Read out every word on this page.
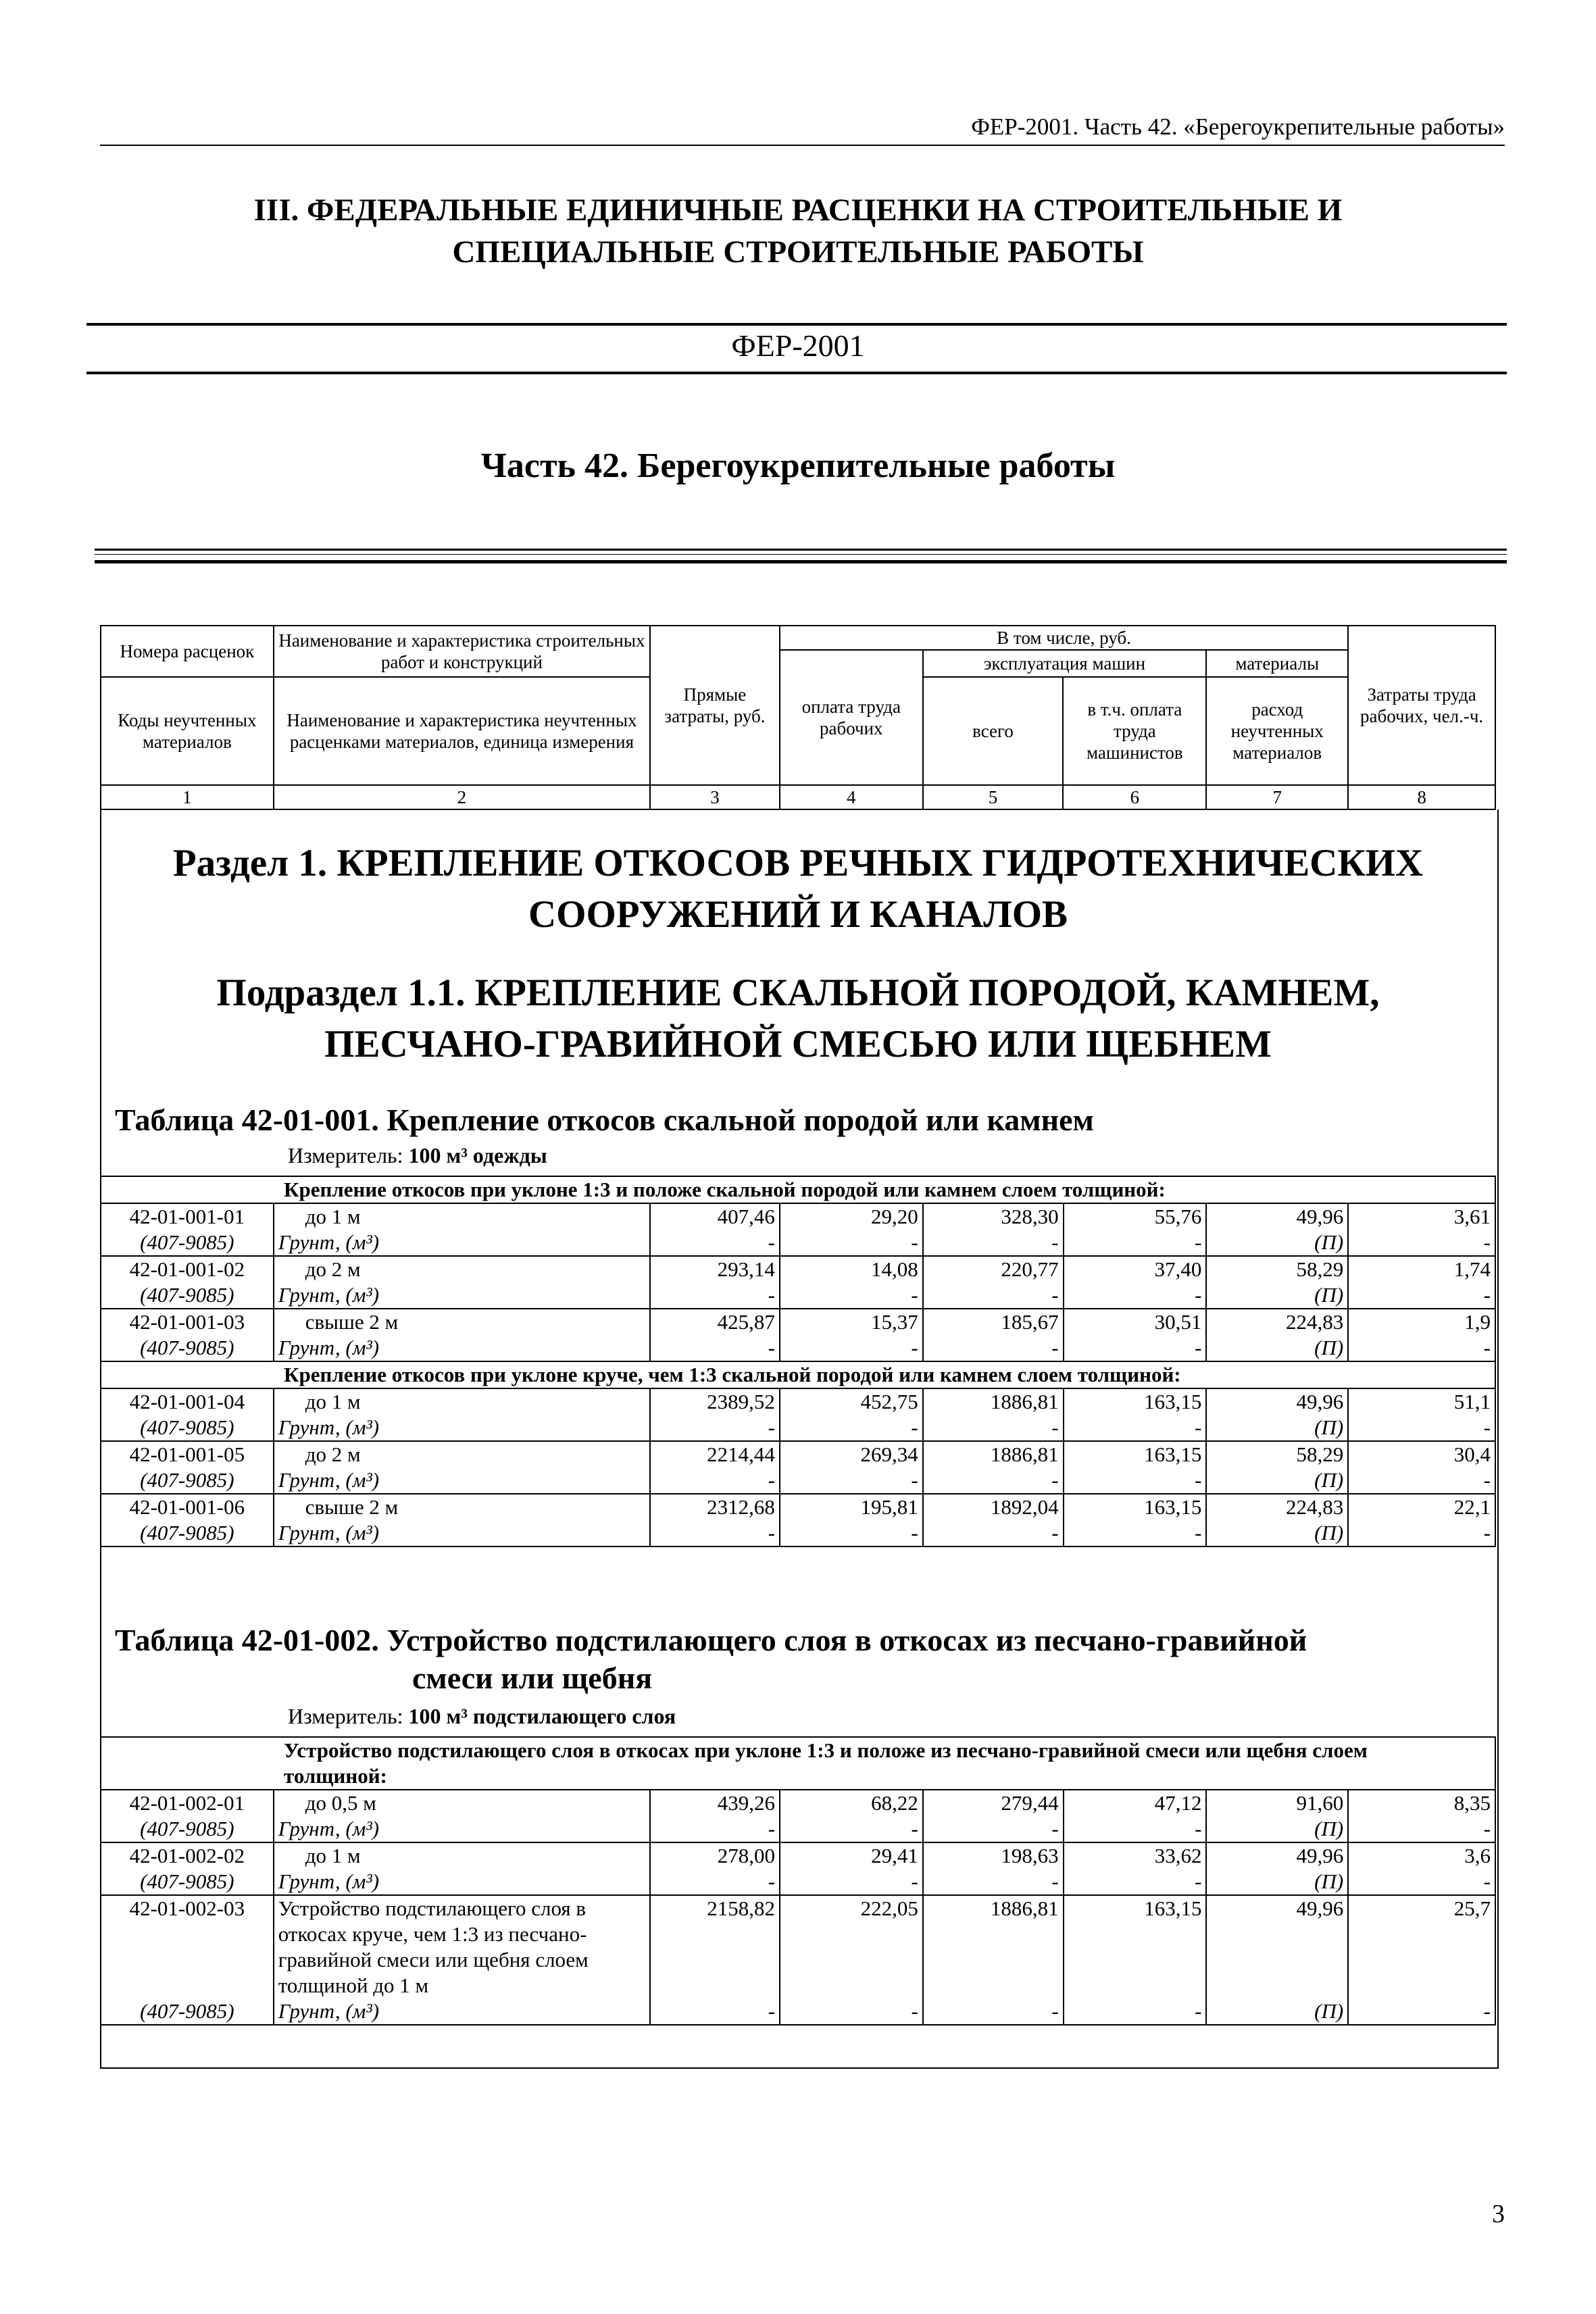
ФЕР-2001. Часть 42. «Берегоукрепительные работы»
III. ФЕДЕРАЛЬНЫЕ ЕДИНИЧНЫЕ РАСЦЕНКИ НА СТРОИТЕЛЬНЫЕ И
СПЕЦИАЛЬНЫЕ СТРОИТЕЛЬНЫЕ РАБОТЫ
ФЕР-2001
Часть 42. Берегоукрепительные работы
Номера расценок	Наименование и характеристика строительных работ и конструкций	Прямые затраты, руб.	В том числе, руб.				Затраты труда рабочих, чел.-ч.
			оплата труда рабочих	эксплуатация машин		материалы	
Коды неучтенных материалов	Наименование и характеристика неучтенных расценками материалов, единица измерения			всего	в т.ч. оплата труда машинистов	расход неучтенных материалов	

1	2	3	4	5	6	7	8
Раздел 1. КРЕПЛЕНИЕ ОТКОСОВ РЕЧНЫХ ГИДРОТЕХНИЧЕСКИХ
СООРУЖЕНИЙ И КАНАЛОВ
Подраздел 1.1. КРЕПЛЕНИЕ СКАЛЬНОЙ ПОРОДОЙ, КАМНЕМ,
ПЕСЧАНО-ГРАВИЙНОЙ СМЕСЬЮ ИЛИ ЩЕБНЕМ
Таблица 42-01-001. Крепление откосов скальной породой или камнем
Измеритель: 100 м³ одежды
Крепление откосов при уклоне 1:3 и положе скальной породой или камнем слоем толщиной:							
42-01-001-01	до 1 м	407,46	29,20	328,30	55,76	49,96	3,61
(407-9085)	Грунт, (м³)	-	-	-	-	(П)	-
42-01-001-02	до 2 м	293,14	14,08	220,77	37,40	58,29	1,74
(407-9085)	Грунт, (м³)	-	-	-	-	(П)	-
42-01-001-03	свыше 2 м	425,87	15,37	185,67	30,51	224,83	1,9
(407-9085)	Грунт, (м³)	-	-	-	-	(П)	-
Крепление откосов при уклоне круче, чем 1:3 скальной породой или камнем слоем толщиной:							
42-01-001-04	до 1 м	2389,52	452,75	1886,81	163,15	49,96	51,1
(407-9085)	Грунт, (м³)	-	-	-	-	(П)	-
42-01-001-05	до 2 м	2214,44	269,34	1886,81	163,15	58,29	30,4
(407-9085)	Грунт, (м³)	-	-	-	-	(П)	-
42-01-001-06	свыше 2 м	2312,68	195,81	1892,04	163,15	224,83	22,1
(407-9085)	Грунт, (м³)	-	-	-	-	(П)	-
Таблица 42-01-002. Устройство подстилающего слоя в откосах из песчано-гравийной
смеси или щебня
Измеритель: 100 м³ подстилающего слоя
Устройство подстилающего слоя в откосах при уклоне 1:3 и положе из песчано-гравийной смеси или щебня слоем толщиной:							
42-01-002-01	до 0,5 м	439,26	68,22	279,44	47,12	91,60	8,35
(407-9085)	Грунт, (м³)	-	-	-	-	(П)	-
42-01-002-02	до 1 м	278,00	29,41	198,63	33,62	49,96	3,6
(407-9085)	Грунт, (м³)	-	-	-	-	(П)	-
42-01-002-03	Устройство подстилающего слоя в откосах круче, чем 1:3 из песчано-гравийной смеси или щебня слоем толщиной до 1 м	2158,82	222,05	1886,81	163,15	49,96	25,7
(407-9085)	Грунт, (м³)	-	-	-	-	(П)	-
3
